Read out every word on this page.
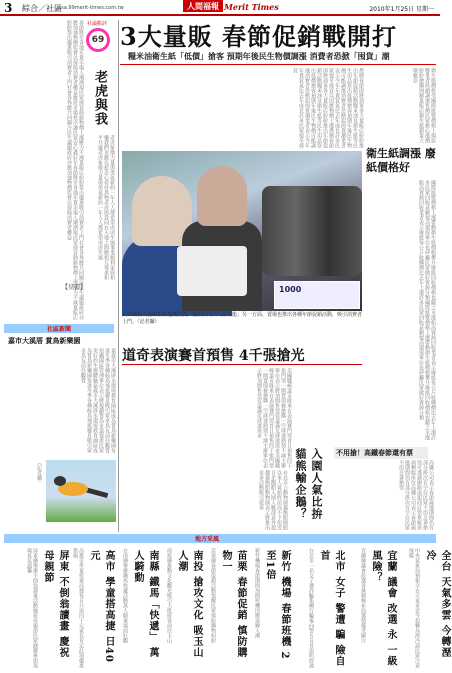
3 綜合／社區
usa.99merit-times.com.tw	人間福報 Merit Times	2010年1月25日 星期一
春節將至各地年貨市場人潮湧現民眾採買熱絡物價上漲壓力不減量販店紛紛祭出優惠吸引消費者上門社會各界應共同關注民生議題政府亦應加強物價監督以保障消費者權益維持市場秩序讓民眾安心過好年春節將至各地年貨市場人潮湧現民眾採買熱絡物價上漲壓力不減量販店紛紛祭出優惠吸引消費者上門社會各界應共同關注民生議題政府亦應加強物價監督以保障消費者權益	社論點評
69
老虎與我
老虎象徵力量與勇氣新的一年人人都希望虎虎生風事業順利家庭和樂我們更應以慈悲心看待萬物老虎與我同在天地之間應相互尊重和平共處老虎象徵力量與勇氣新的一年人人都希望虎虎生風
【星雲】
3大量販 春節促銷戰開打
糧米油衛生紙「低價」搶客 預期年後民生物價調漲 消費者恐掀「囤貨」潮
農曆春節即將到來各大量販店紛紛推出年節促銷活動糧米油及衛生紙等民生用品祭出低價搶客預期年後民生物價可能調漲消費者恐掀起囤貨潮業者表示今年年貨買氣比去年成長許多民眾提早採買以因應物價上漲農曆春節即將到來各大量販店紛紛推出年節促銷活動糧米油及衛生紙等民生用品祭出低價搶客預期年後民生物價可能調漲消費者恐掀起囤貨潮業者表示今年年貨買氣比去年成長許多民眾提早採買	衛生紙價格受國際紙漿價格上揚影響業者陸續調漲售價民眾擔心漲價紛紛搶購囤積量販店衛生紙銷量大增數倍
1000
民眾購買大量衛生紙趁機囤貨，量販店門口大排長龍；另一方面，賣場也推出各種年節促銷活動，吸引消費者上門。（記者攝）
衛生紙調漲 廢紙價格好
國際紙漿價格上漲帶動衛生紙價格攀升廢紙回收價格也隨之水漲船高資源回收業者表示廢紙每公斤收購價比去年上漲許多民眾回收意願提高環保單位也呼籲民眾做好資源分類國際紙漿價格上漲帶動衛生紙價格攀升廢紙回收價格也隨之水漲船高資源回收業者表示廢紙每公斤收購價比去年上漲許多民眾回收意願提高環保單位也呼籲民眾做好資源分類
道奇表演賽首預售 4千張搶光
美國職棒道奇隊來台表演賽門票首日預售四千張門票一開賣即被搶購一空球迷熱情不減主辦單位表示將加開售票管道滿足球迷需求美國職棒道奇隊來台表演賽門票首日預售四千張門票一開賣即被搶購一空球迷熱情不減主辦單位表示將加開售票管道滿足球迷需求
入園人氣比拚 貓熊輸企鵝？
台北市立動物園貓熊館開館以來人氣始終居高不下但近日企鵝館入園人數卻意外超越貓熊館動物園表示將推出更多活動吸引遊客
不用搶！高鐵春節還有票
高鐵公司表示春節疏運期間仍有部分班次有空位民眾不用急著搶票可透過網路或超商訂票系統查詢剩餘座位高鐵公司表示春節疏運期間仍有部分班次有空位民眾不用急著搶票
社區新聞
嘉市大溪厝 賞鳥新樂園
嘉義市大溪厝水環境教育園區成為賞鳥新樂園每逢冬季各種候鳥飛抵棲息吸引眾多鳥友前往觀賞拍攝園區管理單位表示將規劃賞鳥步道提供民眾更好的生態體驗嘉義市大溪厝水環境教育園區成為賞鳥新樂園每逢冬季各種候鳥飛抵棲息吸引眾多鳥友前往觀賞
（記者攝）
地方采風
屏東 不倒翁讀畫 慶祝母親節
屏東縣舉辦不倒翁讀畫活動慶祝母親節民眾踴躍參與現場氣氛溫馨	高市 學童搭高捷 日40元
高雄市學童搭乘高捷每日只需四十元家長肯定此項優惠措施	南縣 鐵馬「快遞」 萬人騎動
台南縣舉辦鐵馬快遞活動萬人騎乘場面壯觀	南投 搶攻文化 吸玉山人潮
南投縣推動文化觀光吸引大批遊客前往玉山	苗栗 春節促銷 慎防購物一
苗栗縣春節促銷活動提醒民眾慎防購物糾紛	新竹 機場 春節班機 2至1倍
新竹機場春節期間加開班機因應返鄉人潮	北市 女子 警遭 騙 險自首
台北市一名女子遭詐騙集團行騙後向警方自首說明經過	宜蘭 議會 改選 永 一級風險？
宜蘭縣議會改選各黨積極布局選情備受關注	全台 天氣多雲 今轉溼冷
中央氣象局預報全台天氣多雲今起轉為溼冷請民眾注意保暖
